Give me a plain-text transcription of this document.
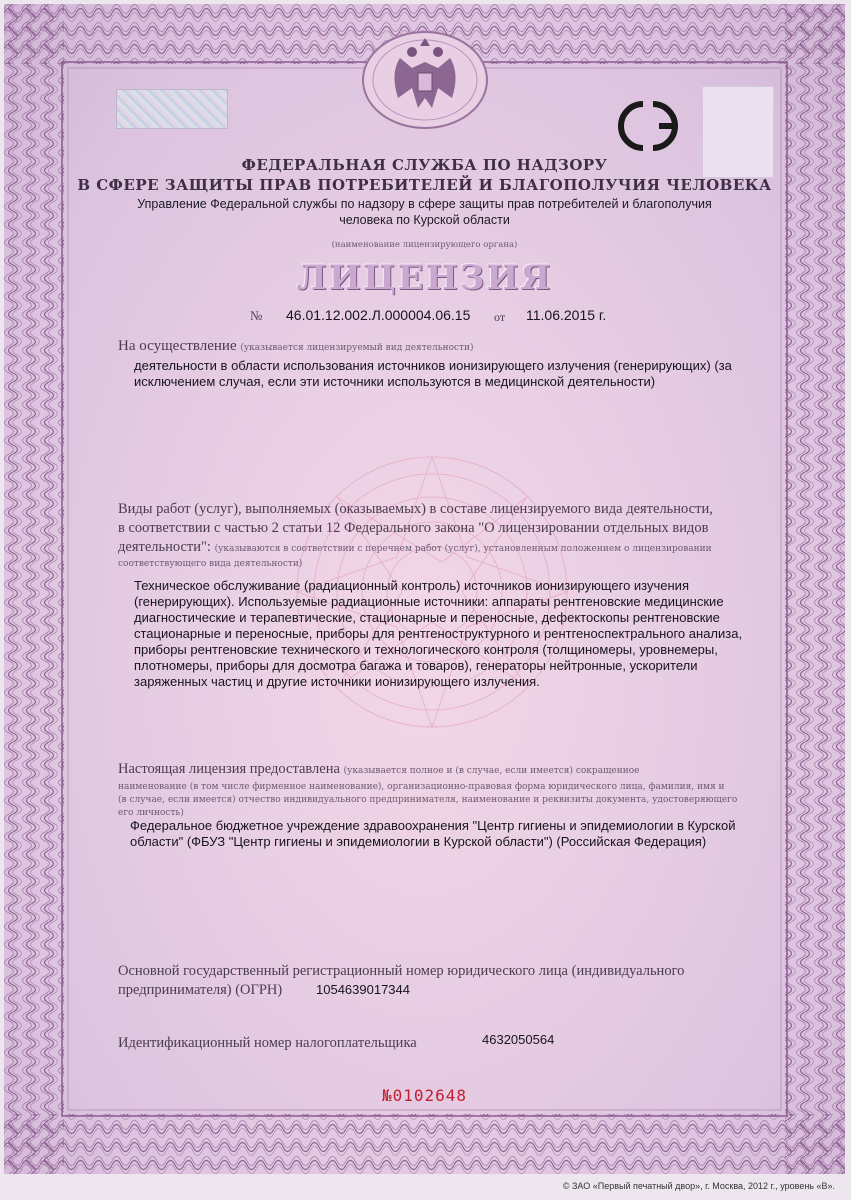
ФЕДЕРАЛЬНАЯ СЛУЖБА ПО НАДЗОРУ
В СФЕРЕ ЗАЩИТЫ ПРАВ ПОТРЕБИТЕЛЕЙ И БЛАГОПОЛУЧИЯ ЧЕЛОВЕКА
Управление Федеральной службы по надзору в сфере защиты прав потребителей и благополучия
человека по Курской области
(наименование лицензирующего органа)
ЛИЦЕНЗИЯ
№ 46.01.12.002.Л.000004.06.15 от 11.06.2015 г.
На осуществление (указывается лицензируемый вид деятельности)
деятельности в области использования источников ионизирующего излучения (генерирующих) (за
исключением случая, если эти источники используются в медицинской деятельности)
Виды работ (услуг), выполняемых (оказываемых) в составе лицензируемого вида деятельности,
в соответствии с частью 2 статьи 12 Федерального закона "О лицензировании отдельных видов
деятельности": (указываются в соответствии с перечнем работ (услуг), установленным положением о лицензировании
соответствующего вида деятельности)
Техническое обслуживание (радиационный контроль) источников ионизирующего изучения
(генерирующих). Используемые радиационные источники: аппараты рентгеновские медицинские
диагностические и терапевтические, стационарные и переносные, дефектоскопы рентгеновские
стационарные и переносные, приборы для рентгеноструктурного и рентгеноспектрального анализа,
приборы рентгеновские технического и технологического контроля (толщиномеры, уровнемеры,
плотномеры, приборы для досмотра багажа и товаров), генераторы нейтронные, ускорители
заряженных частиц и другие источники ионизирующего излучения.
Настоящая лицензия предоставлена (указывается полное и (в случае, если имеется) сокращенное
наименование (в том числе фирменное наименование), организационно-правовая форма юридического лица, фамилия, имя и
(в случае, если имеется) отчество индивидуального предпринимателя, наименование и реквизиты документа, удостоверяющего
его личность)
Федеральное бюджетное учреждение здравоохранения "Центр гигиены и эпидемиологии в Курской
области" (ФБУЗ "Центр гигиены и эпидемиологии в Курской области") (Российская Федерация)
Основной государственный регистрационный номер юридического лица (индивидуального
предпринимателя) (ОГРН)	1054639017344
Идентификационный номер налогоплательщика	4632050564
№0102648
© ЗАО «Первый печатный двор», г. Москва, 2012 г., уровень «В».
